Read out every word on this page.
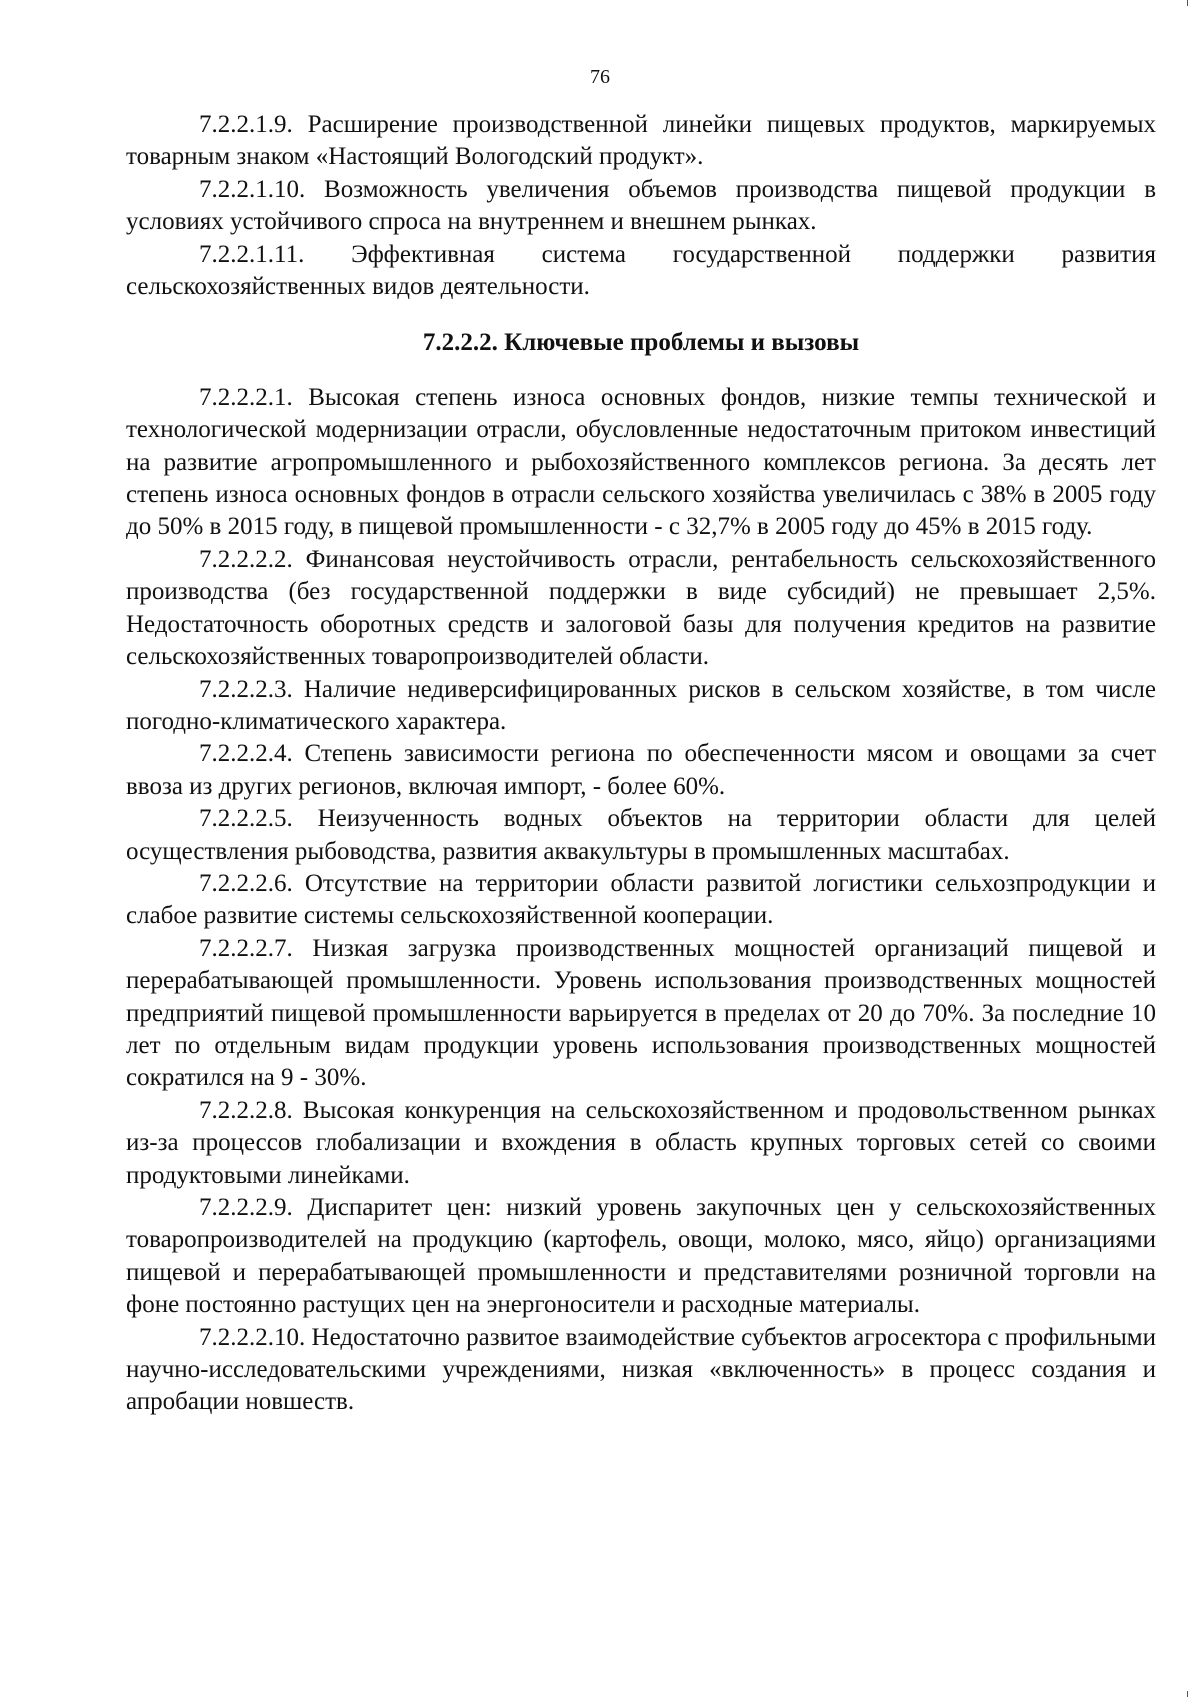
76

7.2.2.1.9. Расширение производственной линейки пищевых продуктов, маркируемых товарным знаком «Настоящий Вологодский продукт».

7.2.2.1.10. Возможность увеличения объемов производства пищевой продукции в условиях устойчивого спроса на внутреннем и внешнем рынках.

7.2.2.1.11. Эффективная система государственной поддержки развития сельскохозяйственных видов деятельности.

7.2.2.2. Ключевые проблемы и вызовы

7.2.2.2.1. Высокая степень износа основных фондов, низкие темпы технической и технологической модернизации отрасли, обусловленные недостаточным притоком инвестиций на развитие агропромышленного и рыбохозяйственного комплексов региона. За десять лет степень износа основных фондов в отрасли сельского хозяйства увеличилась с 38% в 2005 году до 50% в 2015 году, в пищевой промышленности - с 32,7% в 2005 году до 45% в 2015 году.

7.2.2.2.2. Финансовая неустойчивость отрасли, рентабельность сельскохозяйственного производства (без государственной поддержки в виде субсидий) не превышает 2,5%. Недостаточность оборотных средств и залоговой базы для получения кредитов на развитие сельскохозяйственных товаропроизводителей области.

7.2.2.2.3. Наличие недиверсифицированных рисков в сельском хозяйстве, в том числе погодно-климатического характера.

7.2.2.2.4. Степень зависимости региона по обеспеченности мясом и овощами за счет ввоза из других регионов, включая импорт, - более 60%.

7.2.2.2.5. Неизученность водных объектов на территории области для целей осуществления рыбоводства, развития аквакультуры в промышленных масштабах.

7.2.2.2.6. Отсутствие на территории области развитой логистики сельхозпродукции и слабое развитие системы сельскохозяйственной кооперации.

7.2.2.2.7. Низкая загрузка производственных мощностей организаций пищевой и перерабатывающей промышленности. Уровень использования производственных мощностей предприятий пищевой промышленности варьируется в пределах от 20 до 70%. За последние 10 лет по отдельным видам продукции уровень использования производственных мощностей сократился на 9 - 30%.

7.2.2.2.8. Высокая конкуренция на сельскохозяйственном и продовольственном рынках из-за процессов глобализации и вхождения в область крупных торговых сетей со своими продуктовыми линейками.

7.2.2.2.9. Диспаритет цен: низкий уровень закупочных цен у сельскохозяйственных товаропроизводителей на продукцию (картофель, овощи, молоко, мясо, яйцо) организациями пищевой и перерабатывающей промышленности и представителями розничной торговли на фоне постоянно растущих цен на энергоносители и расходные материалы.

7.2.2.2.10. Недостаточно развитое взаимодействие субъектов агросектора с профильными научно-исследовательскими учреждениями, низкая «включенность» в процесс создания и апробации новшеств.
